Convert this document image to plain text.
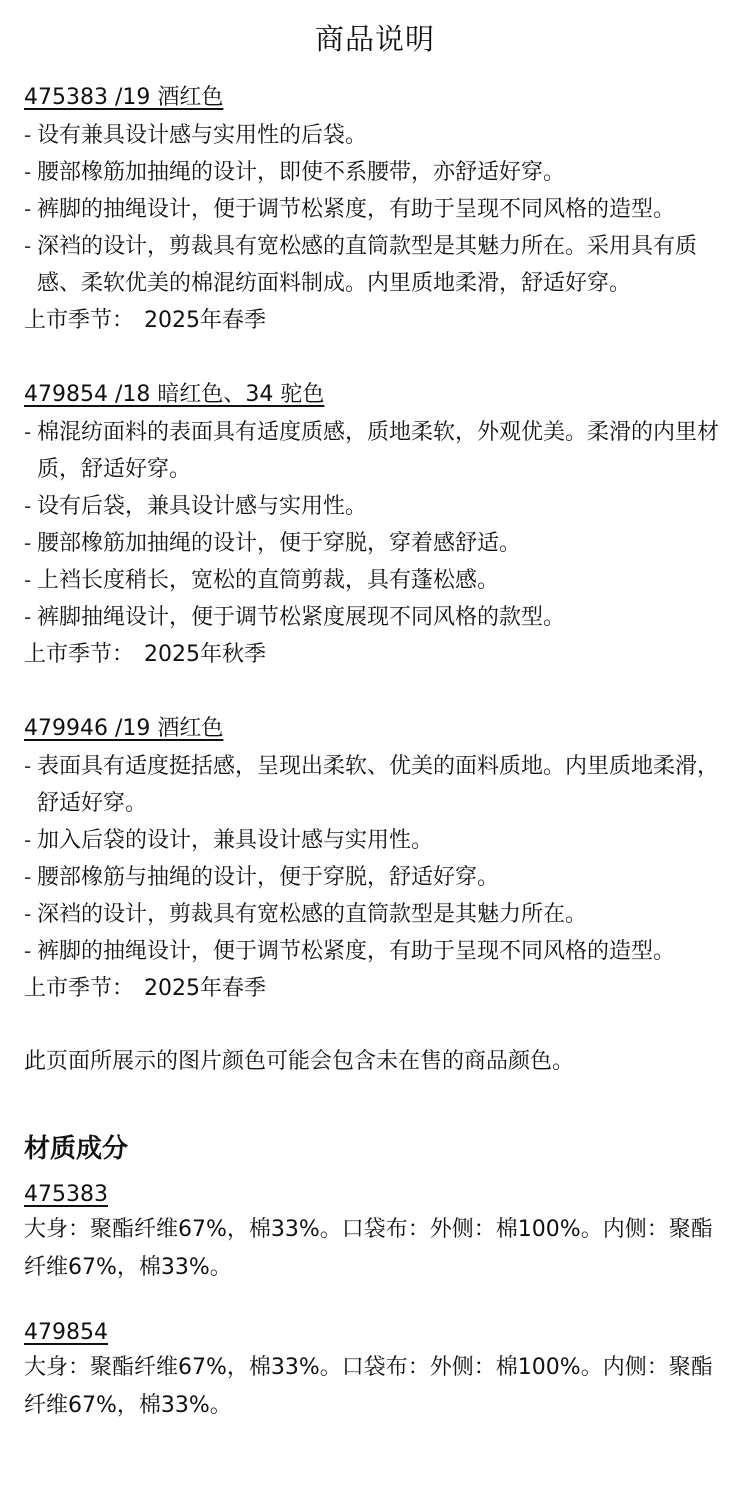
商品说明
475383 /19 酒红色
- 设有兼具设计感与实用性的后袋。
- 腰部橡筋加抽绳的设计，即使不系腰带，亦舒适好穿。
- 裤脚的抽绳设计，便于调节松紧度，有助于呈现不同风格的造型。
- 深裆的设计，剪裁具有宽松感的直筒款型是其魅力所在。采用具有质感、柔软优美的棉混纺面料制成。内里质地柔滑，舒适好穿。
上市季节： 2025年春季
479854 /18 暗红色、34 驼色
- 棉混纺面料的表面具有适度质感，质地柔软，外观优美。柔滑的内里材质，舒适好穿。
- 设有后袋，兼具设计感与实用性。
- 腰部橡筋加抽绳的设计，便于穿脱，穿着感舒适。
- 上裆长度稍长，宽松的直筒剪裁，具有蓬松感。
- 裤脚抽绳设计，便于调节松紧度展现不同风格的款型。
上市季节： 2025年秋季
479946 /19 酒红色
- 表面具有适度挺括感，呈现出柔软、优美的面料质地。内里质地柔滑，舒适好穿。
- 加入后袋的设计，兼具设计感与实用性。
- 腰部橡筋与抽绳的设计，便于穿脱，舒适好穿。
- 深裆的设计，剪裁具有宽松感的直筒款型是其魅力所在。
- 裤脚的抽绳设计，便于调节松紧度，有助于呈现不同风格的造型。
上市季节： 2025年春季

此页面所展示的图片颜色可能会包含未在售的商品颜色。

材质成分
475383

大身：聚酯纤维67%，棉33%。口袋布：外侧：棉100%。内侧：聚酯纤维67%，棉33%。

479854

大身：聚酯纤维67%，棉33%。口袋布：外侧：棉100%。内侧：聚酯纤维67%，棉33%。
